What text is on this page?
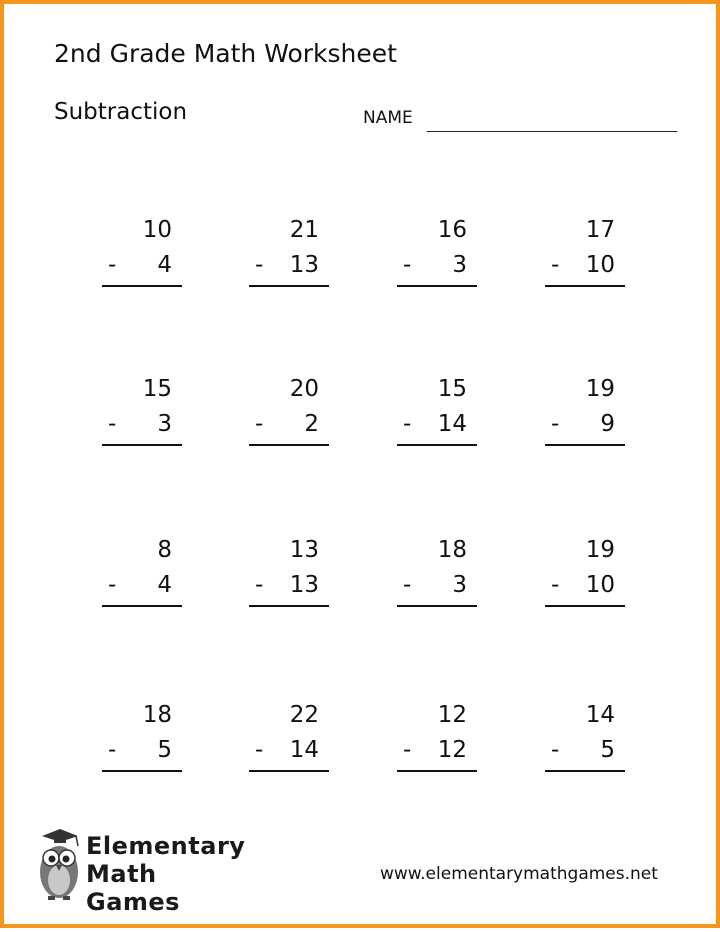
2nd Grade Math Worksheet
Subtraction	NAME
10
- 4
21
- 13
16
- 3
17
- 10
15
- 3
20
- 2
15
- 14
19
- 9
8
- 4
13
- 13
18
- 3
19
- 10
18
- 5
22
- 14
12
- 12
14
- 5
Elementary
Math Games
www.elementarymathgames.net
